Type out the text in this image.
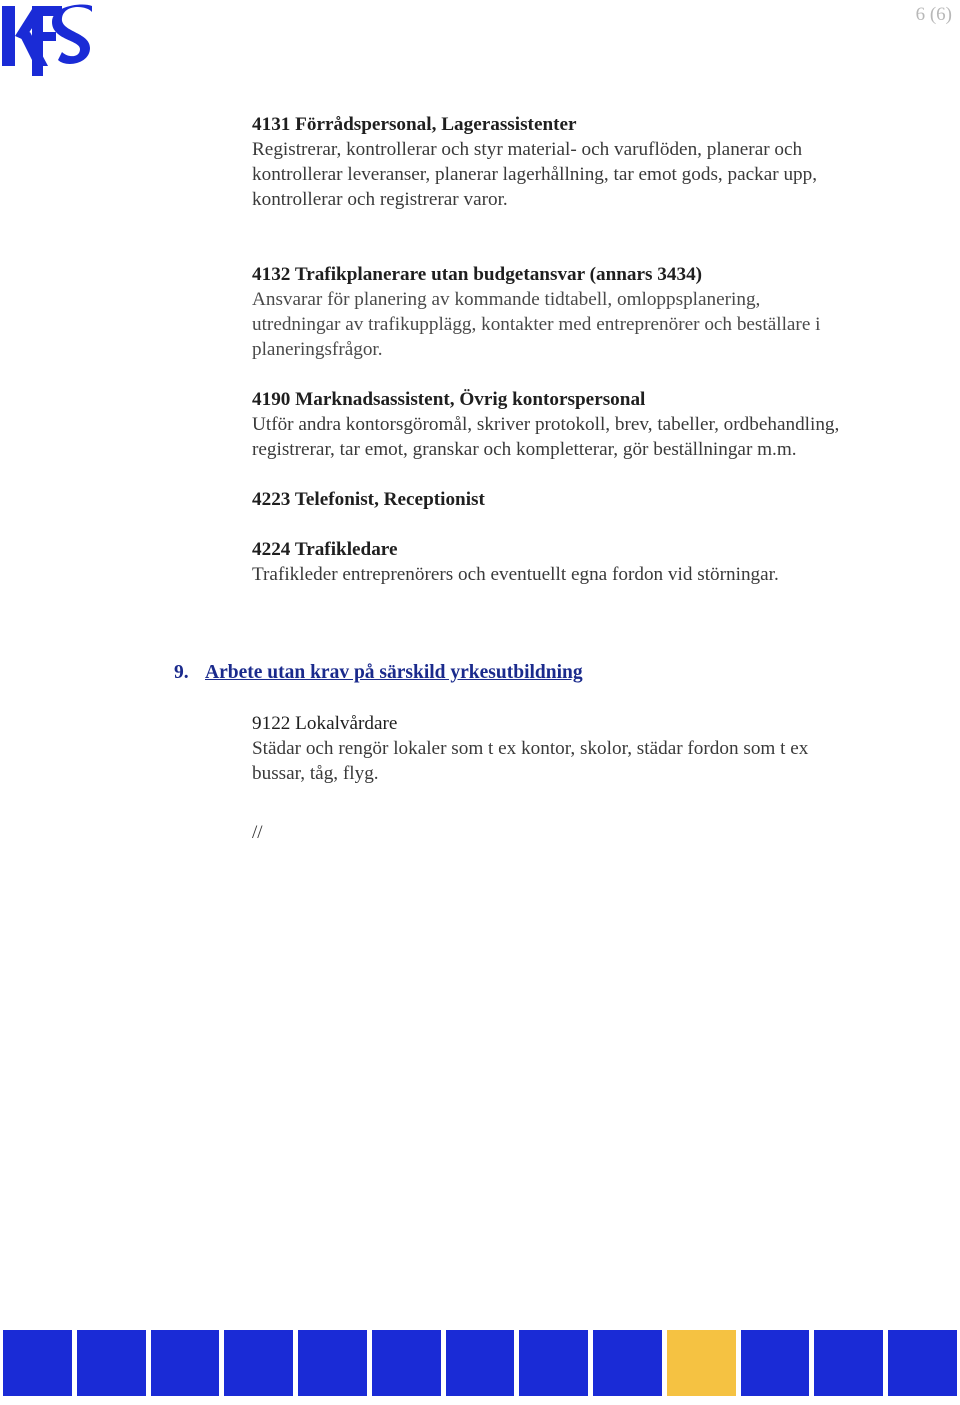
6 (6)

4131 Förrådspersonal, Lagerassistenter
Registrerar, kontrollerar och styr material- och varuflöden, planerar och kontrollerar leveranser, planerar lagerhållning, tar emot gods, packar upp, kontrollerar och registrerar varor.

4132 Trafikplanerare utan budgetansvar (annars 3434)
Ansvarar för planering av kommande tidtabell, omloppsplanering, utredningar av trafikupplägg, kontakter med entreprenörer och beställare i planeringsfrågor.

4190 Marknadsassistent, Övrig kontorspersonal
Utför andra kontorsgöromål, skriver protokoll, brev, tabeller, ordbehandling, registrerar, tar emot, granskar och kompletterar, gör beställningar m.m.

4223 Telefonist, Receptionist

4224 Trafikledare
Trafikleder entreprenörers och eventuellt egna fordon vid störningar.

9. Arbete utan krav på särskild yrkesutbildning

9122 Lokalvårdare
Städar och rengör lokaler som t ex kontor, skolor, städar fordon som t ex bussar, tåg, flyg.

//
